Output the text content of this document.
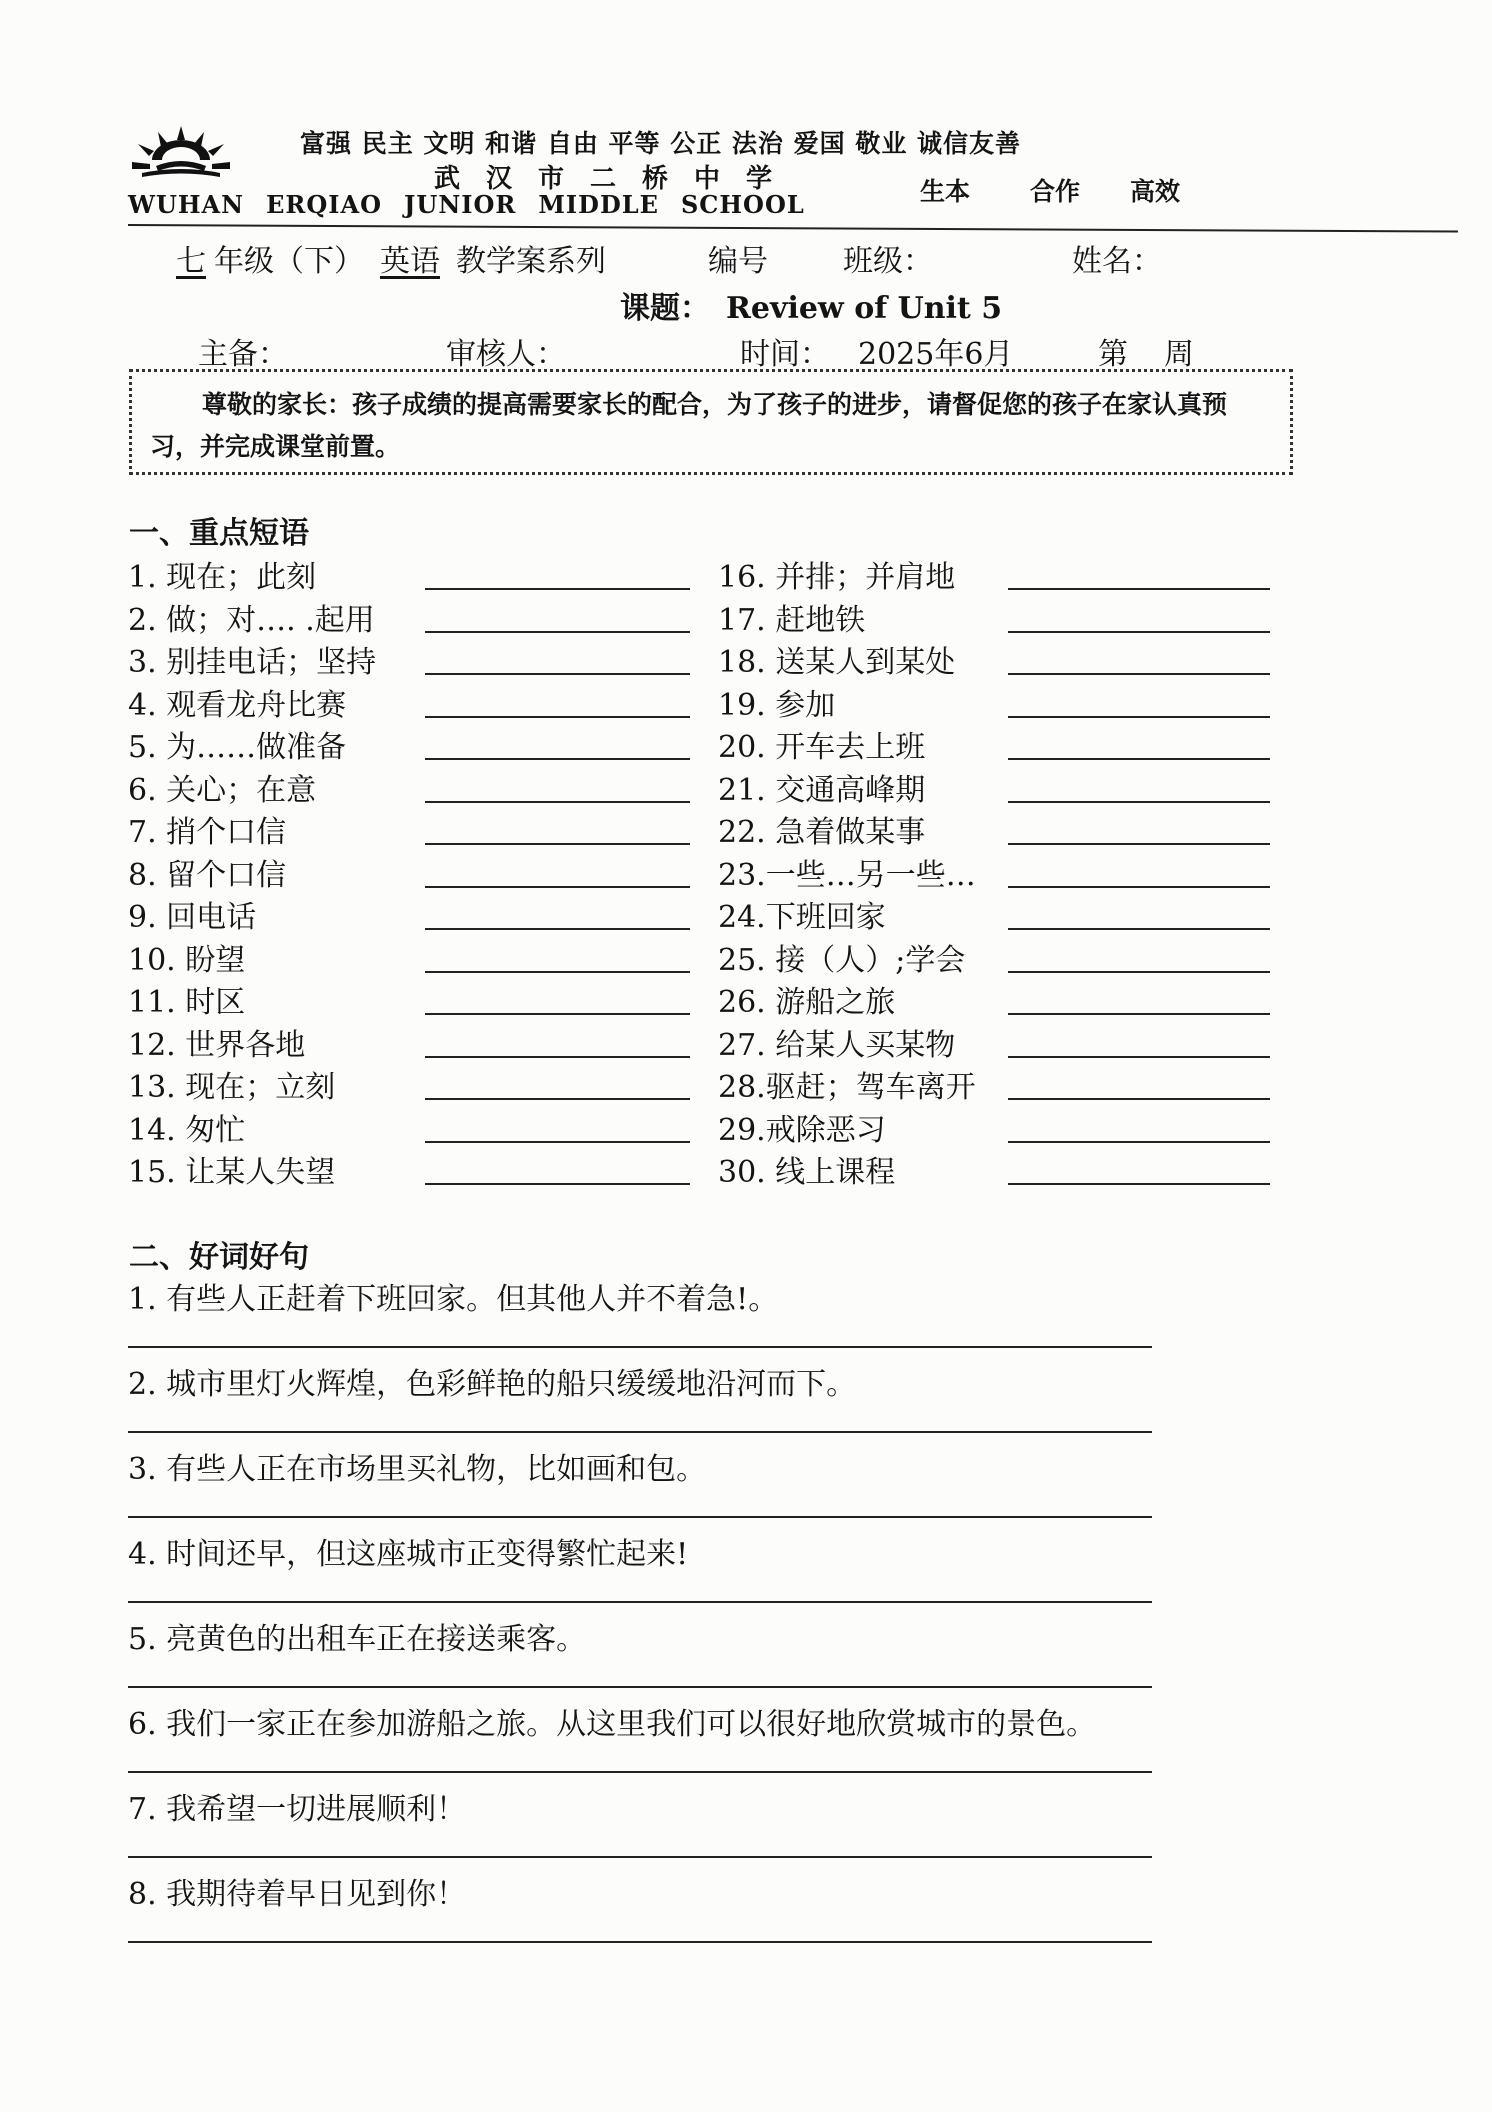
富强 民主 文明 和谐 自由 平等 公正 法治 爱国 敬业 诚信友善
武汉市二桥中学	生本 合作 高效
WUHAN ERQIAO JUNIOR MIDDLE SCHOOL
七 年级（下） 英语 教学案系列	编号	班级：	姓名：
课题： Review of Unit 5
主备：	审核人：	时间： 2025年6月	第 周
尊敬的家长：孩子成绩的提高需要家长的配合，为了孩子的进步，请督促您的孩子在家认真预习，并完成课堂前置。
一、重点短语
1. 现在；此刻
2. 做；对…. .起用
3. 别挂电话；坚持
4. 观看龙舟比赛
5. 为……做准备
6. 关心；在意
7. 捎个口信
8. 留个口信
9. 回电话
10. 盼望
11. 时区
12. 世界各地
13. 现在；立刻
14. 匆忙
15. 让某人失望
16. 并排；并肩地
17. 赶地铁
18. 送某人到某处
19. 参加
20. 开车去上班
21. 交通高峰期
22. 急着做某事
23.一些…另一些…
24.下班回家
25. 接（人）;学会
26. 游船之旅
27. 给某人买某物
28.驱赶；驾车离开
29.戒除恶习
30. 线上课程
二、好词好句
1. 有些人正赶着下班回家。但其他人并不着急!。
2. 城市里灯火辉煌，色彩鲜艳的船只缓缓地沿河而下。
3. 有些人正在市场里买礼物，比如画和包。
4. 时间还早，但这座城市正变得繁忙起来!
5. 亮黄色的出租车正在接送乘客。
6. 我们一家正在参加游船之旅。从这里我们可以很好地欣赏城市的景色。
7. 我希望一切进展顺利！
8. 我期待着早日见到你！
